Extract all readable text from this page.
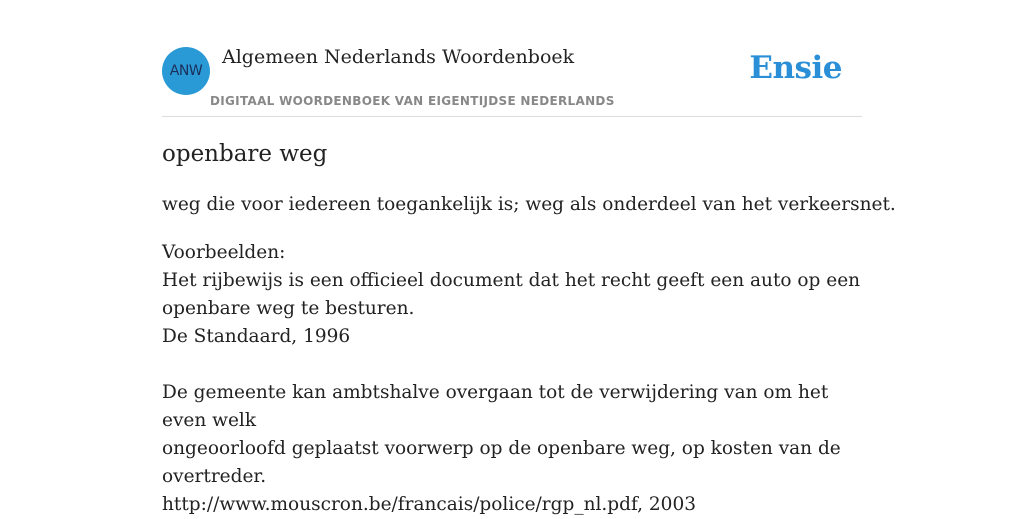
ANW
Algemeen Nederlands Woordenboek
DIGITAAL WOORDENBOEK VAN EIGENTIJDSE NEDERLANDS
Ensie
openbare weg
weg die voor iedereen toegankelijk is; weg als onderdeel van het verkeersnet.

Voorbeelden:

Het rijbewijs is een officieel document dat het recht geeft een auto op een

openbare weg te besturen.

De Standaard, 1996

De gemeente kan ambtshalve overgaan tot de verwijdering van om het even welk

ongeoorloofd geplaatst voorwerp op de openbare weg, op kosten van de

overtreder.

http://www.mouscron.be/francais/police/rgp_nl.pdf, 2003
